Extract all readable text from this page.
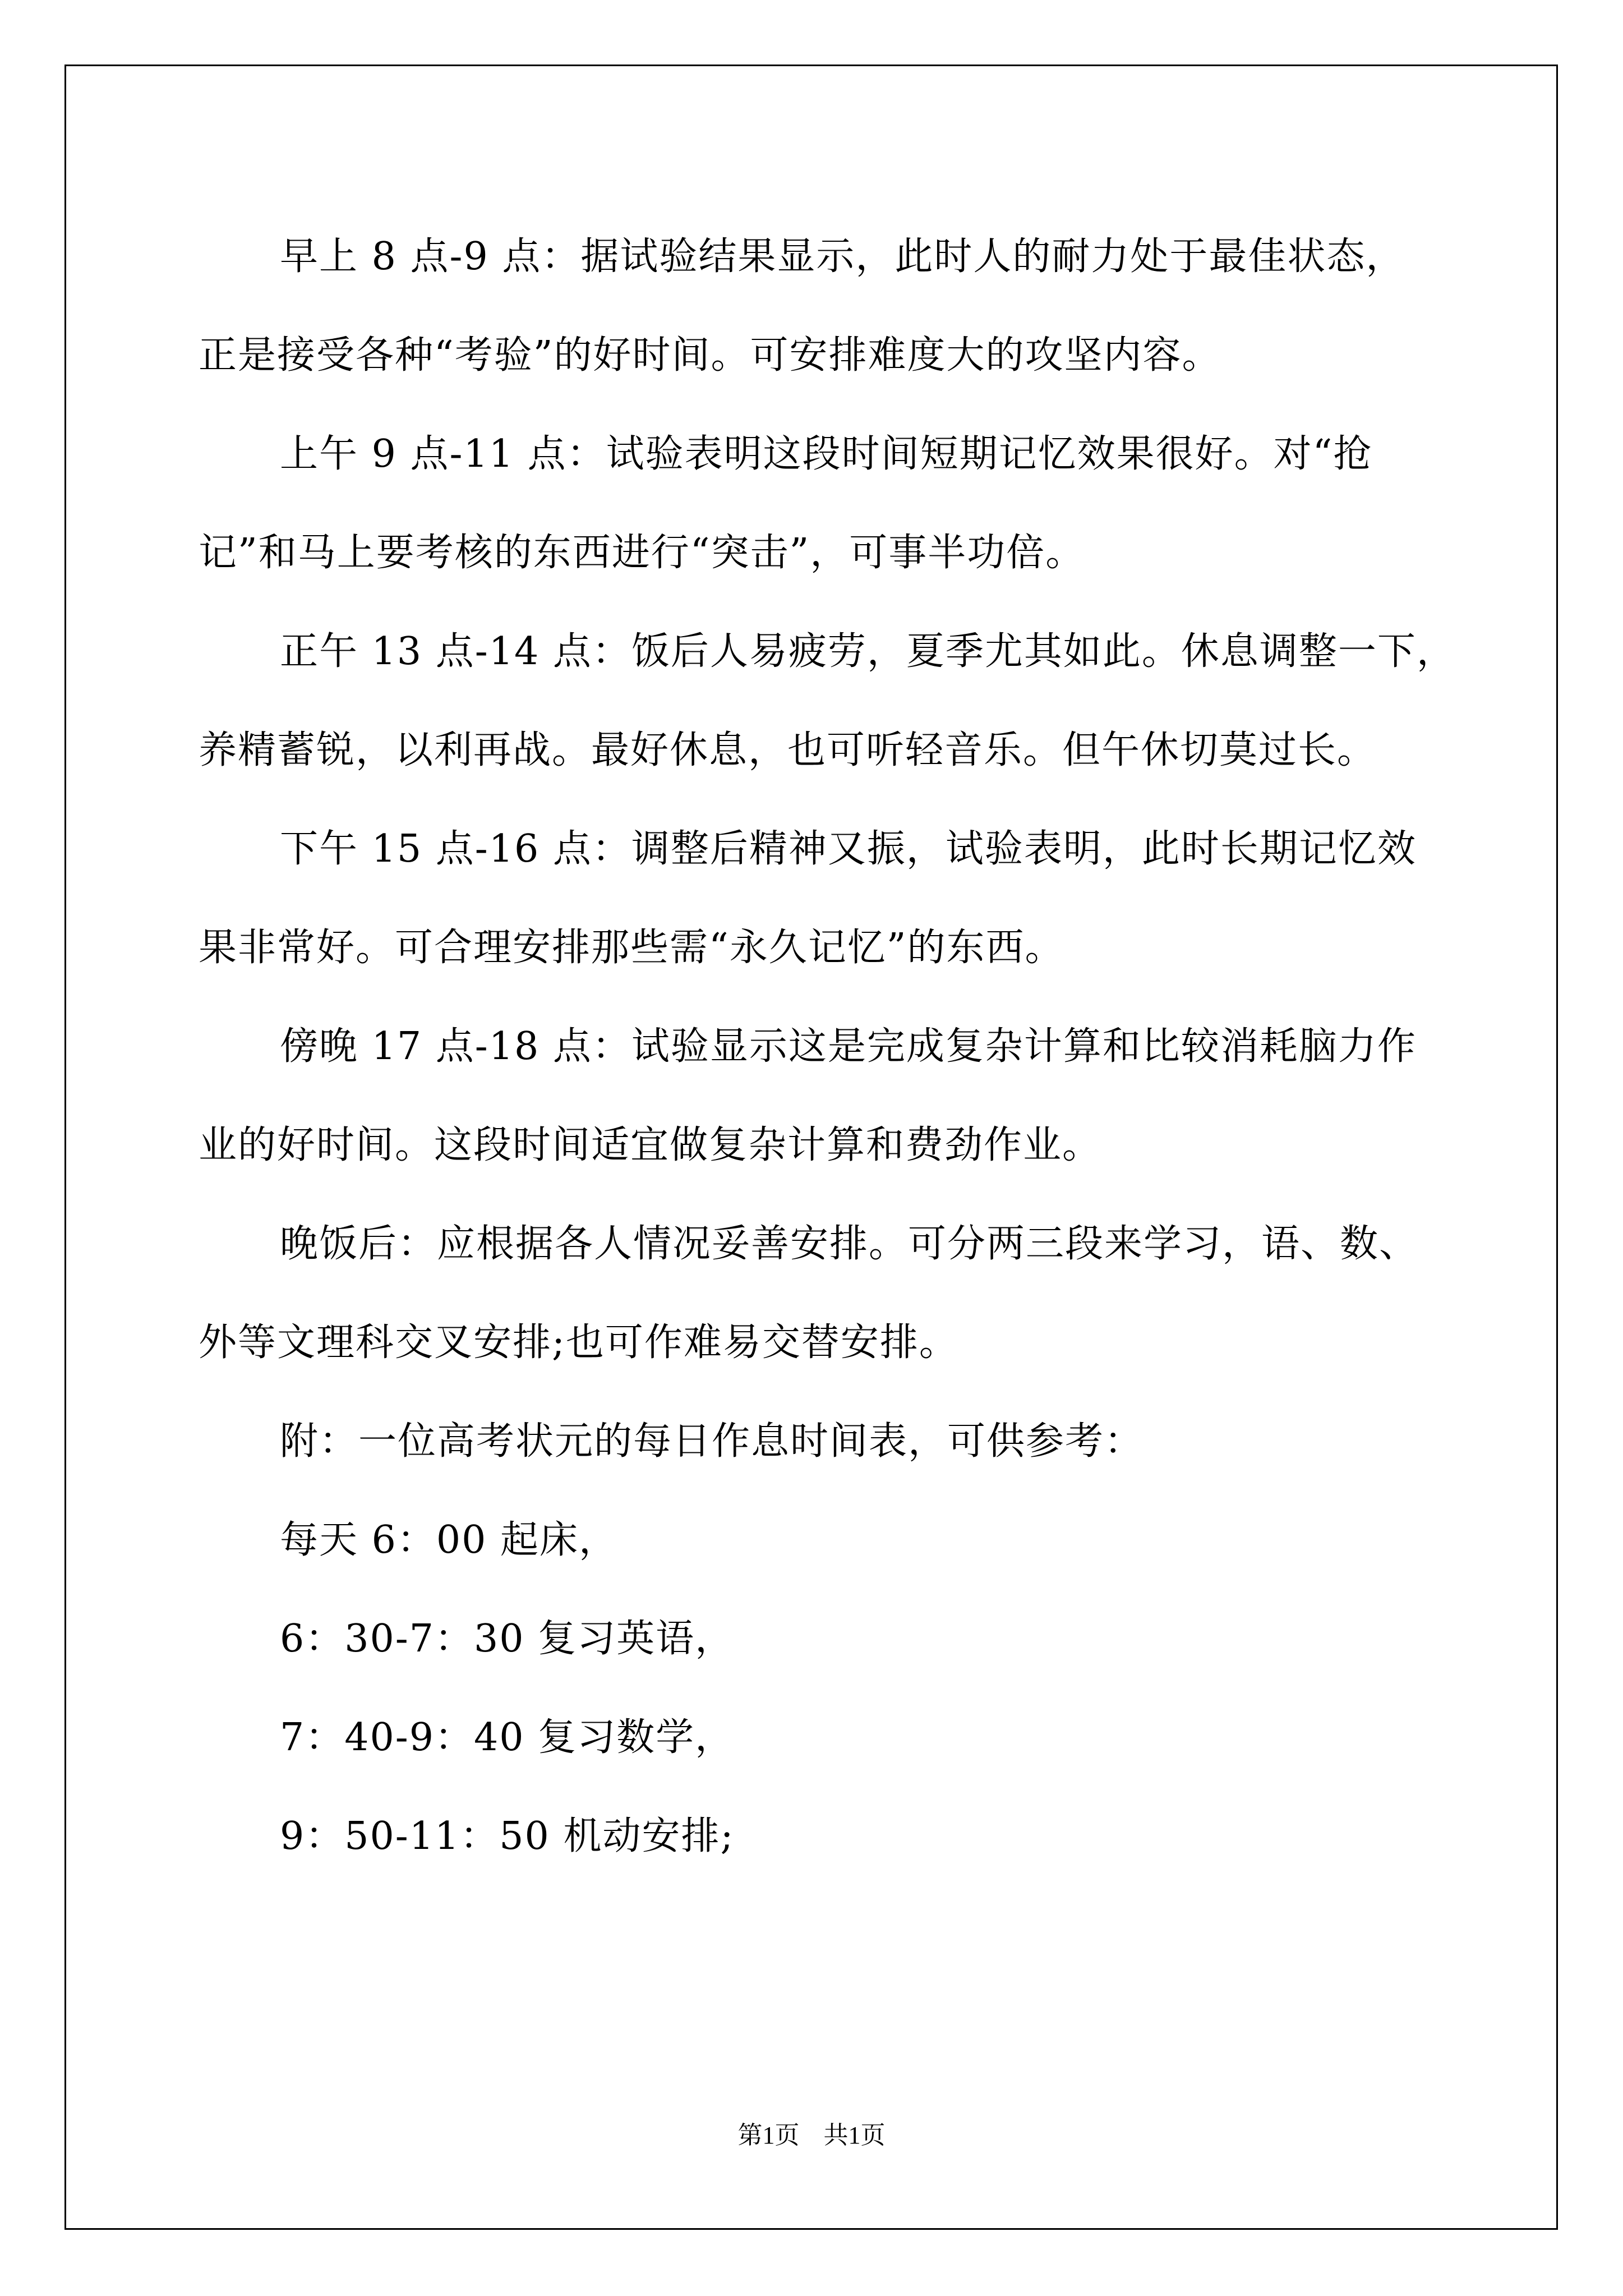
早上 8 点-9 点：据试验结果显示，此时人的耐力处于最佳状态，

正是接受各种“考验”的好时间。可安排难度大的攻坚内容。

上午 9 点-11 点：试验表明这段时间短期记忆效果很好。对“抢

记”和马上要考核的东西进行“突击”，可事半功倍。

正午 13 点-14 点：饭后人易疲劳，夏季尤其如此。休息调整一下，

养精蓄锐，以利再战。最好休息，也可听轻音乐。但午休切莫过长。

下午 15 点-16 点：调整后精神又振，试验表明，此时长期记忆效

果非常好。可合理安排那些需“永久记忆”的东西。

傍晚 17 点-18 点：试验显示这是完成复杂计算和比较消耗脑力作

业的好时间。这段时间适宜做复杂计算和费劲作业。

晚饭后：应根据各人情况妥善安排。可分两三段来学习，语、数、

外等文理科交叉安排;也可作难易交替安排。

附：一位高考状元的每日作息时间表，可供参考：

每天 6：00 起床，

6：30-7：30 复习英语，

7：40-9：40 复习数学，

9：50-11：50 机动安排;

第1页 共1页
